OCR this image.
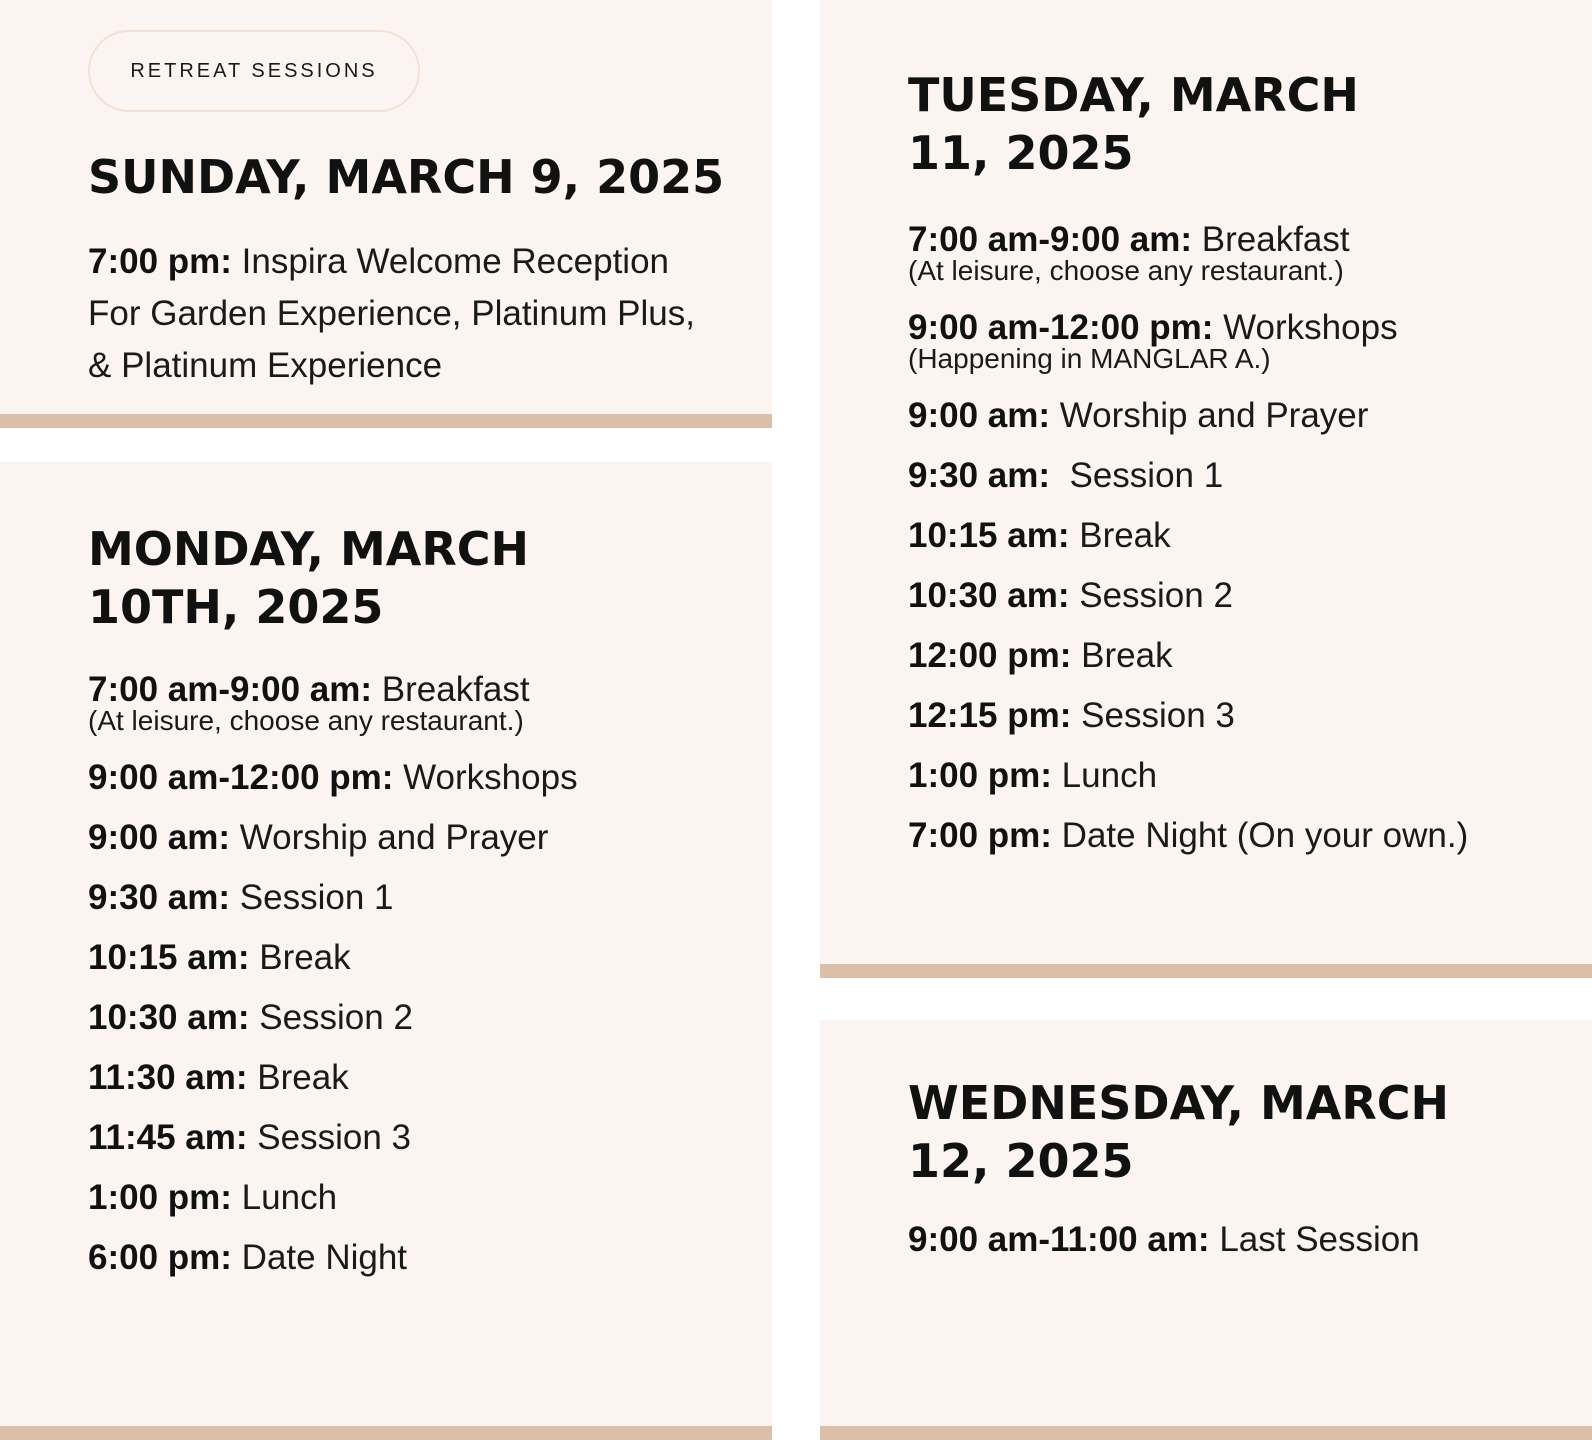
RETREAT SESSIONS
SUNDAY, MARCH 9, 2025
7:00 pm: Inspira Welcome Reception
For Garden Experience, Platinum Plus,
& Platinum Experience
MONDAY, MARCH
10TH, 2025
7:00 am-9:00 am: Breakfast
(At leisure, choose any restaurant.)
9:00 am-12:00 pm: Workshops
9:00 am: Worship and Prayer
9:30 am: Session 1
10:15 am: Break
10:30 am: Session 2
11:30 am: Break
11:45 am: Session 3
1:00 pm: Lunch
6:00 pm: Date Night
TUESDAY, MARCH
11, 2025
7:00 am-9:00 am: Breakfast
(At leisure, choose any restaurant.)
9:00 am-12:00 pm: Workshops
(Happening in MANGLAR A.)
9:00 am: Worship and Prayer
9:30 am:  Session 1
10:15 am: Break
10:30 am: Session 2
12:00 pm: Break
12:15 pm: Session 3
1:00 pm: Lunch
7:00 pm: Date Night (On your own.)
WEDNESDAY, MARCH
12, 2025
9:00 am-11:00 am: Last Session
